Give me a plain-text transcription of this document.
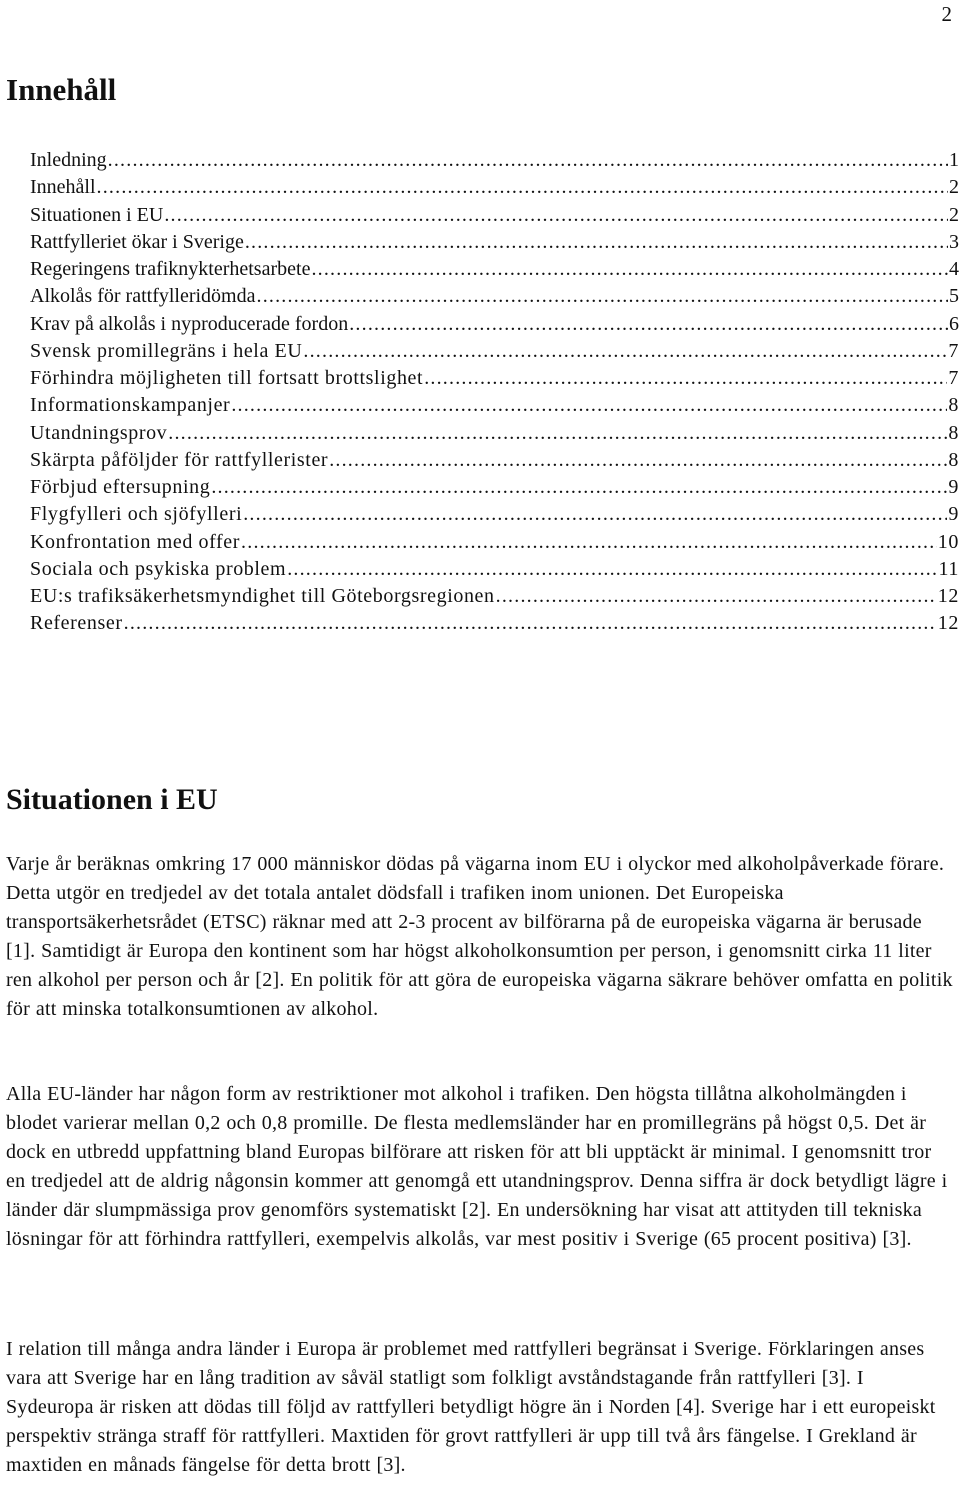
2
Innehåll
Inledning .....	1
Innehåll .....	2
Situationen i EU .....	2
Rattfylleriet ökar i Sverige .....	3
Regeringens trafiknykterhetsarbete .....	4
Alkolås för rattfylleridömda .....	5
Krav på alkolås i nyproducerade fordon .....	6
Svensk promillegräns i hela EU .....	7
Förhindra möjligheten till fortsatt brottslighet .....	7
Informationskampanjer .....	8
Utandningsprov .....	8
Skärpta påföljder för rattfyllerister .....	8
Förbjud eftersupning .....	9
Flygfylleri och sjöfylleri .....	9
Konfrontation med offer .....	10
Sociala och psykiska problem .....	11
EU:s trafiksäkerhetsmyndighet till Göteborgsregionen .....	12
Referenser .....	12
Situationen i EU

Varje år beräknas omkring 17 000 människor dödas på vägarna inom EU i olyckor med alkoholpåverkade förare. Detta utgör en tredjedel av det totala antalet dödsfall i trafiken inom unionen. Det Europeiska transportsäkerhetsrådet (ETSC) räknar med att 2-3 procent av bilförarna på de europeiska vägarna är berusade [1]. Samtidigt är Europa den kontinent som har högst alkoholkonsumtion per person, i genomsnitt cirka 11 liter ren alkohol per person och år [2]. En politik för att göra de europeiska vägarna säkrare behöver omfatta en politik för att minska totalkonsumtionen av alkohol.

Alla EU-länder har någon form av restriktioner mot alkohol i trafiken. Den högsta tillåtna alkoholmängden i blodet varierar mellan 0,2 och 0,8 promille. De flesta medlemsländer har en promillegräns på högst 0,5. Det är dock en utbredd uppfattning bland Europas bilförare att risken för att bli upptäckt är minimal. I genomsnitt tror en tredjedel att de aldrig någonsin kommer att genomgå ett utandningsprov. Denna siffra är dock betydligt lägre i länder där slumpmässiga prov genomförs systematiskt [2]. En undersökning har visat att attityden till tekniska lösningar för att förhindra rattfylleri, exempelvis alkolås, var mest positiv i Sverige (65 procent positiva) [3].

I relation till många andra länder i Europa är problemet med rattfylleri begränsat i Sverige. Förklaringen anses vara att Sverige har en lång tradition av såväl statligt som folkligt avståndstagande från rattfylleri [3]. I Sydeuropa är risken att dödas till följd av rattfylleri betydligt högre än i Norden [4]. Sverige har i ett europeiskt perspektiv stränga straff för rattfylleri. Maxtiden för grovt rattfylleri är upp till två års fängelse. I Grekland är maxtiden en månads fängelse för detta brott [3].
